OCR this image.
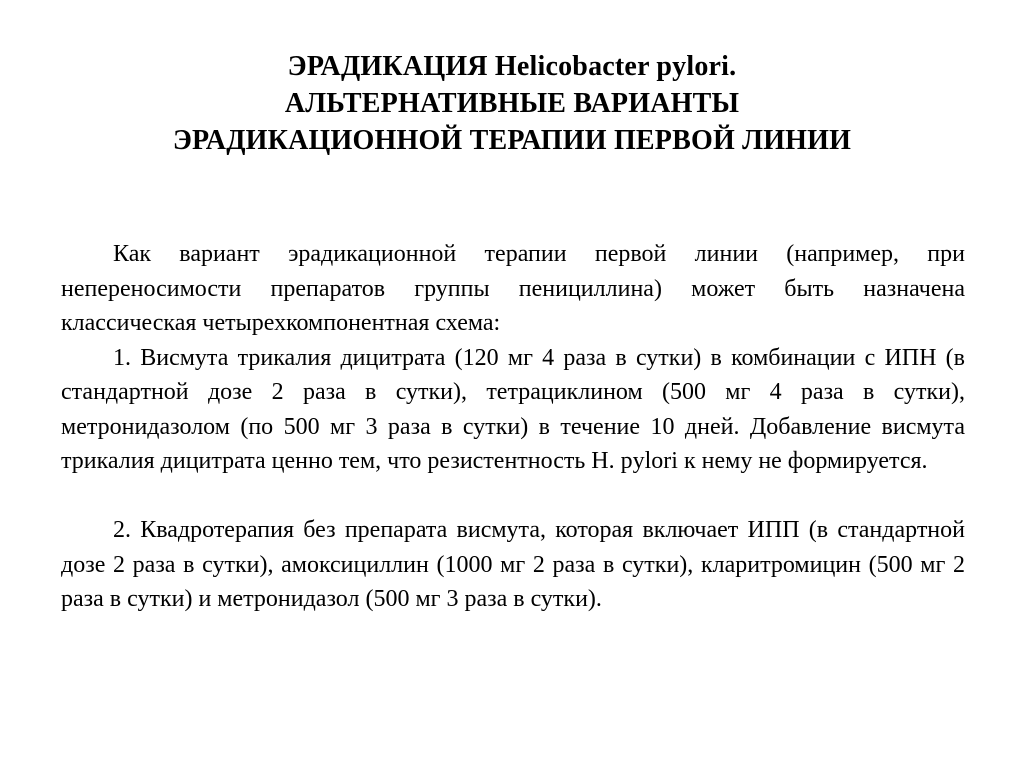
ЭРАДИКАЦИЯ Helicobacter pylori.
АЛЬТЕРНАТИВНЫЕ ВАРИАНТЫ
ЭРАДИКАЦИОННОЙ ТЕРАПИИ ПЕРВОЙ ЛИНИИ

Как вариант эрадикационной терапии первой линии (например, при непереносимости препаратов группы пенициллина) может быть назначена классическая четырехкомпонентная схема:

1. Висмута трикалия дицитрата (120 мг 4 раза в сутки) в комбинации с ИПН (в стандартной дозе 2 раза в сутки), тетрациклином (500 мг 4 раза в сутки), метронидазолом (по 500 мг 3 раза в сутки) в течение 10 дней. Добавление висмута трикалия дицитрата ценно тем, что резистентность H. pylori к нему не формируется.

2. Квадротерапия без препарата висмута, которая включает ИПП (в стандартной дозе 2 раза в сутки), амоксициллин (1000 мг 2 раза в сутки), кларитромицин (500 мг 2 раза в сутки) и метронидазол (500 мг 3 раза в сутки).
